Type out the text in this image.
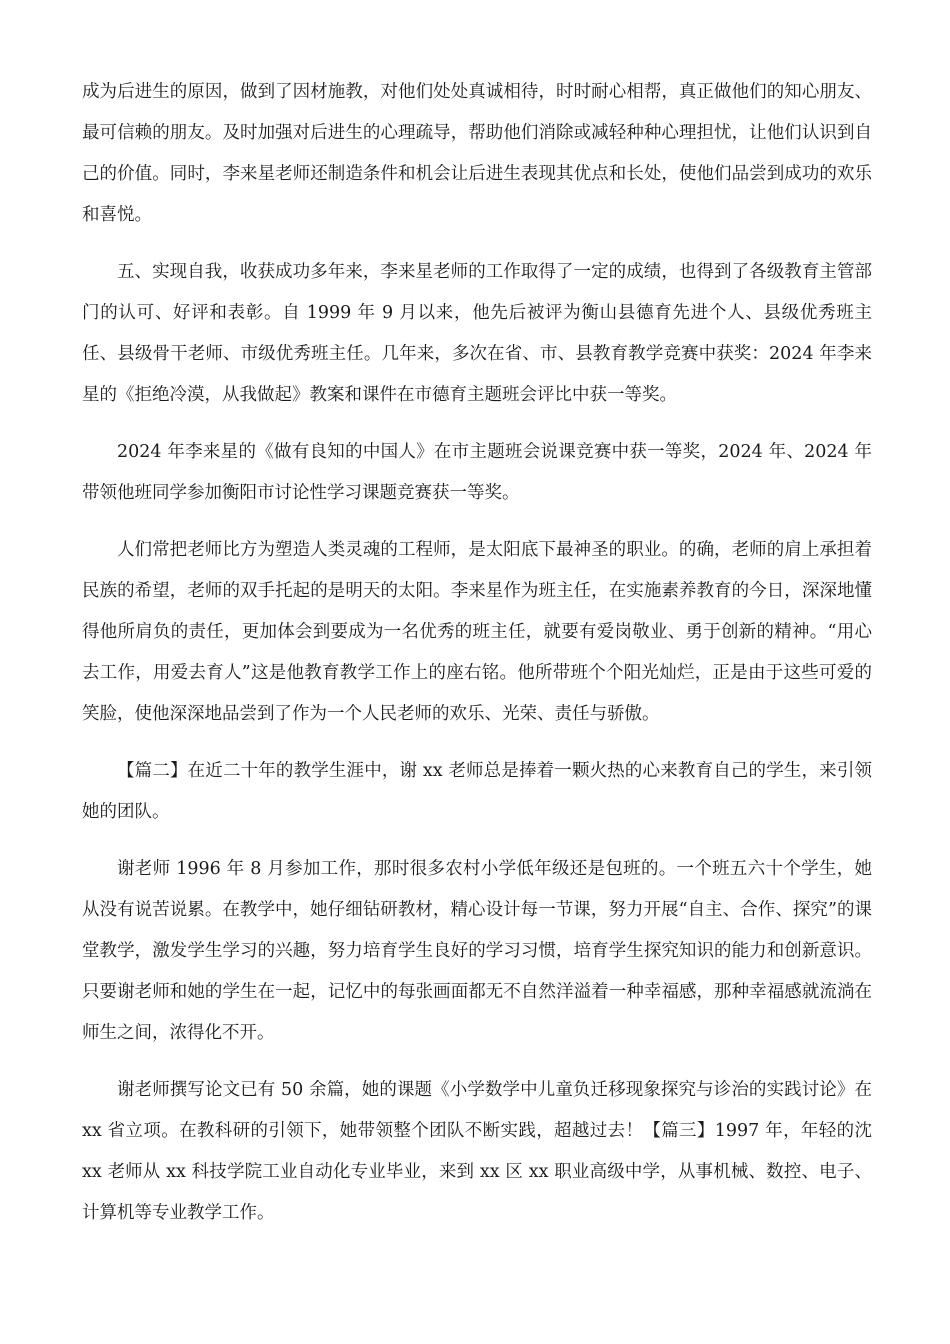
成为后进生的原因，做到了因材施教，对他们处处真诚相待，时时耐心相帮，真正做他们的知心朋友、最可信赖的朋友。及时加强对后进生的心理疏导，帮助他们消除或减轻种种心理担忧，让他们认识到自己的价值。同时，李来星老师还制造条件和机会让后进生表现其优点和长处，使他们品尝到成功的欢乐和喜悦。

五、实现自我，收获成功多年来，李来星老师的工作取得了一定的成绩，也得到了各级教育主管部门的认可、好评和表彰。自 1999 年 9 月以来，他先后被评为衡山县德育先进个人、县级优秀班主任、县级骨干老师、市级优秀班主任。几年来，多次在省、市、县教育教学竞赛中获奖：2024 年李来星的《拒绝冷漠，从我做起》教案和课件在市德育主题班会评比中获一等奖。

2024 年李来星的《做有良知的中国人》在市主题班会说课竞赛中获一等奖，2024 年、2024 年带领他班同学参加衡阳市讨论性学习课题竞赛获一等奖。

人们常把老师比方为塑造人类灵魂的工程师，是太阳底下最神圣的职业。的确，老师的肩上承担着民族的希望，老师的双手托起的是明天的太阳。李来星作为班主任，在实施素养教育的今日，深深地懂得他所肩负的责任，更加体会到要成为一名优秀的班主任，就要有爱岗敬业、勇于创新的精神。“用心去工作，用爱去育人”这是他教育教学工作上的座右铭。他所带班个个阳光灿烂，正是由于这些可爱的笑脸，使他深深地品尝到了作为一个人民老师的欢乐、光荣、责任与骄傲。

【篇二】在近二十年的教学生涯中，谢 xx 老师总是捧着一颗火热的心来教育自己的学生，来引领她的团队。

谢老师 1996 年 8 月参加工作，那时很多农村小学低年级还是包班的。一个班五六十个学生，她从没有说苦说累。在教学中，她仔细钻研教材，精心设计每一节课，努力开展“自主、合作、探究”的课堂教学，激发学生学习的兴趣，努力培育学生良好的学习习惯，培育学生探究知识的能力和创新意识。只要谢老师和她的学生在一起，记忆中的每张画面都无不自然洋溢着一种幸福感，那种幸福感就流淌在师生之间，浓得化不开。

谢老师撰写论文已有 50 余篇，她的课题《小学数学中儿童负迁移现象探究与诊治的实践讨论》在 xx 省立项。在教科研的引领下，她带领整个团队不断实践，超越过去！【篇三】1997 年，年轻的沈 xx 老师从 xx 科技学院工业自动化专业毕业，来到 xx 区 xx 职业高级中学，从事机械、数控、电子、计算机等专业教学工作。
